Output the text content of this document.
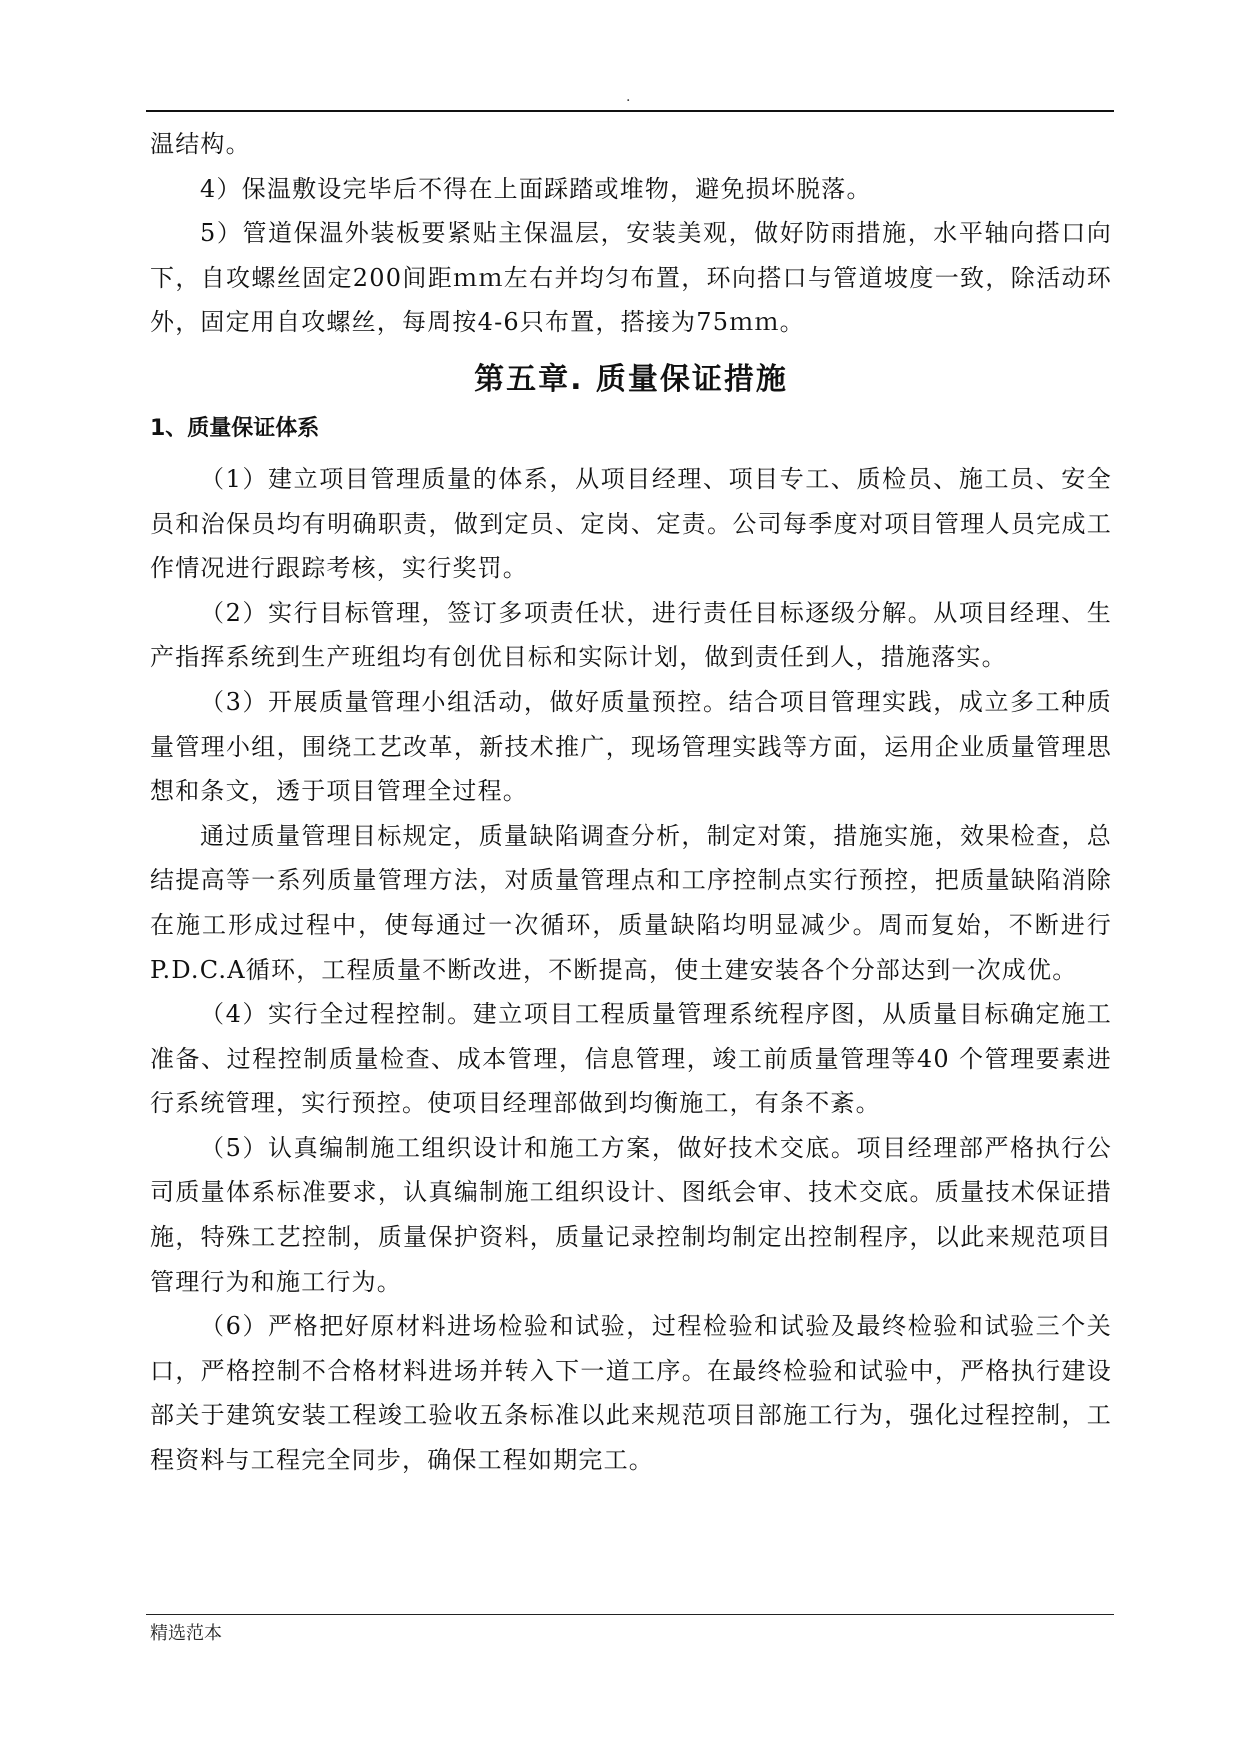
.

温结构。

4）保温敷设完毕后不得在上面踩踏或堆物，避免损坏脱落。

5）管道保温外装板要紧贴主保温层，安装美观，做好防雨措施，水平轴向搭口向下，自攻螺丝固定200间距ｍｍ左右并均匀布置，环向搭口与管道坡度一致，除活动环外，固定用自攻螺丝，每周按4-6只布置，搭接为75ｍｍ。

第五章. 质量保证措施
1、质量保证体系

（1）建立项目管理质量的体系，从项目经理、项目专工、质检员、施工员、安全员和治保员均有明确职责，做到定员、定岗、定责。公司每季度对项目管理人员完成工作情况进行跟踪考核，实行奖罚。

（2）实行目标管理，签订多项责任状，进行责任目标逐级分解。从项目经理、生产指挥系统到生产班组均有创优目标和实际计划，做到责任到人，措施落实。

（3）开展质量管理小组活动，做好质量预控。结合项目管理实践，成立多工种质量管理小组，围绕工艺改革，新技术推广，现场管理实践等方面，运用企业质量管理思想和条文，透于项目管理全过程。

通过质量管理目标规定，质量缺陷调查分析，制定对策，措施实施，效果检查，总结提高等一系列质量管理方法，对质量管理点和工序控制点实行预控，把质量缺陷消除在施工形成过程中，使每通过一次循环，质量缺陷均明显减少。周而复始，不断进行P.D.C.A循环，工程质量不断改进，不断提高，使土建安装各个分部达到一次成优。

（4）实行全过程控制。建立项目工程质量管理系统程序图，从质量目标确定施工准备、过程控制质量检查、成本管理，信息管理，竣工前质量管理等40 个管理要素进行系统管理，实行预控。使项目经理部做到均衡施工，有条不紊。

（5）认真编制施工组织设计和施工方案，做好技术交底。项目经理部严格执行公司质量体系标准要求，认真编制施工组织设计、图纸会审、技术交底。质量技术保证措施，特殊工艺控制，质量保护资料，质量记录控制均制定出控制程序，以此来规范项目管理行为和施工行为。

（6）严格把好原材料进场检验和试验，过程检验和试验及最终检验和试验三个关口，严格控制不合格材料进场并转入下一道工序。在最终检验和试验中，严格执行建设部关于建筑安装工程竣工验收五条标准以此来规范项目部施工行为，强化过程控制，工程资料与工程完全同步，确保工程如期完工。

精选范本
